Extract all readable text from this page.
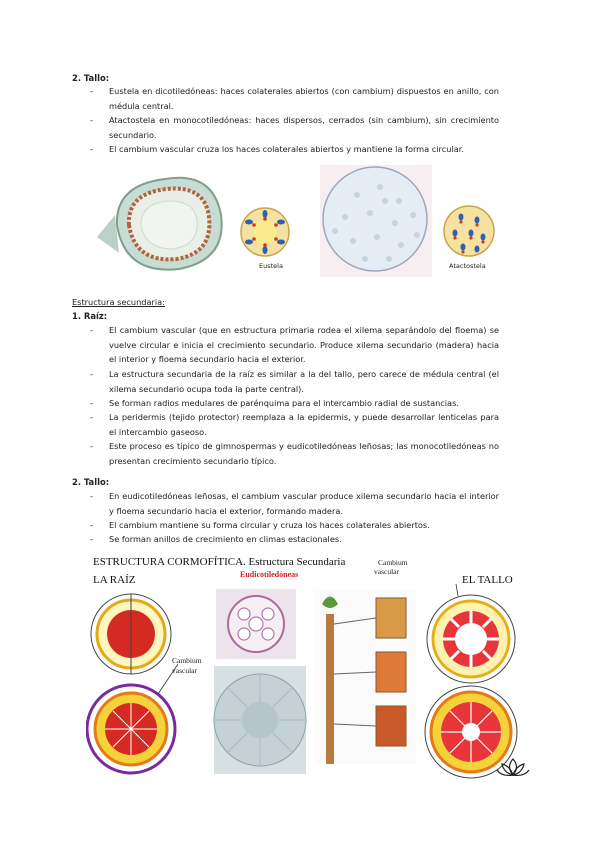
2. Tallo:
- Eustela en dicotiledóneas: haces colaterales abiertos (con cambium) dispuestos en anillo, con médula central.
- Atactostela en monocotiledóneas: haces dispersos, cerrados (sin cambium), sin crecimiento secundario.
- El cambium vascular cruza los haces colaterales abiertos y mantiene la forma circular.
Eustela	Atactostela
Estructura secundaria:
1. Raíz:
- El cambium vascular (que en estructura primaria rodea el xilema separándolo del floema) se vuelve circular e inicia el crecimiento secundario. Produce xilema secundario (madera) hacia el interior y floema secundario hacia el exterior.
- La estructura secundaria de la raíz es similar a la del tallo, pero carece de médula central (el xilema secundario ocupa toda la parte central).
- Se forman radios medulares de parénquima para el intercambio radial de sustancias.
- La peridermis (tejido protector) reemplaza a la epidermis, y puede desarrollar lenticelas para el intercambio gaseoso.
- Este proceso es típico de gimnospermas y eudicotiledóneas leñosas; las monocotiledóneas no presentan crecimiento secundario típico.
2. Tallo:
- En eudicotiledóneas leñosas, el cambium vascular produce xilema secundario hacia el interior y floema secundario hacia el exterior, formando madera.
- El cambium mantiene su forma circular y cruza los haces colaterales abiertos.
- Se forman anillos de crecimiento en climas estacionales.
ESTRUCTURA CORMOFÍTICA. Estructura Secundaria
Eudicotiledóneas
LA RAÍZ	EL TALLO
Cambium
vascular
Cambium
vascular
